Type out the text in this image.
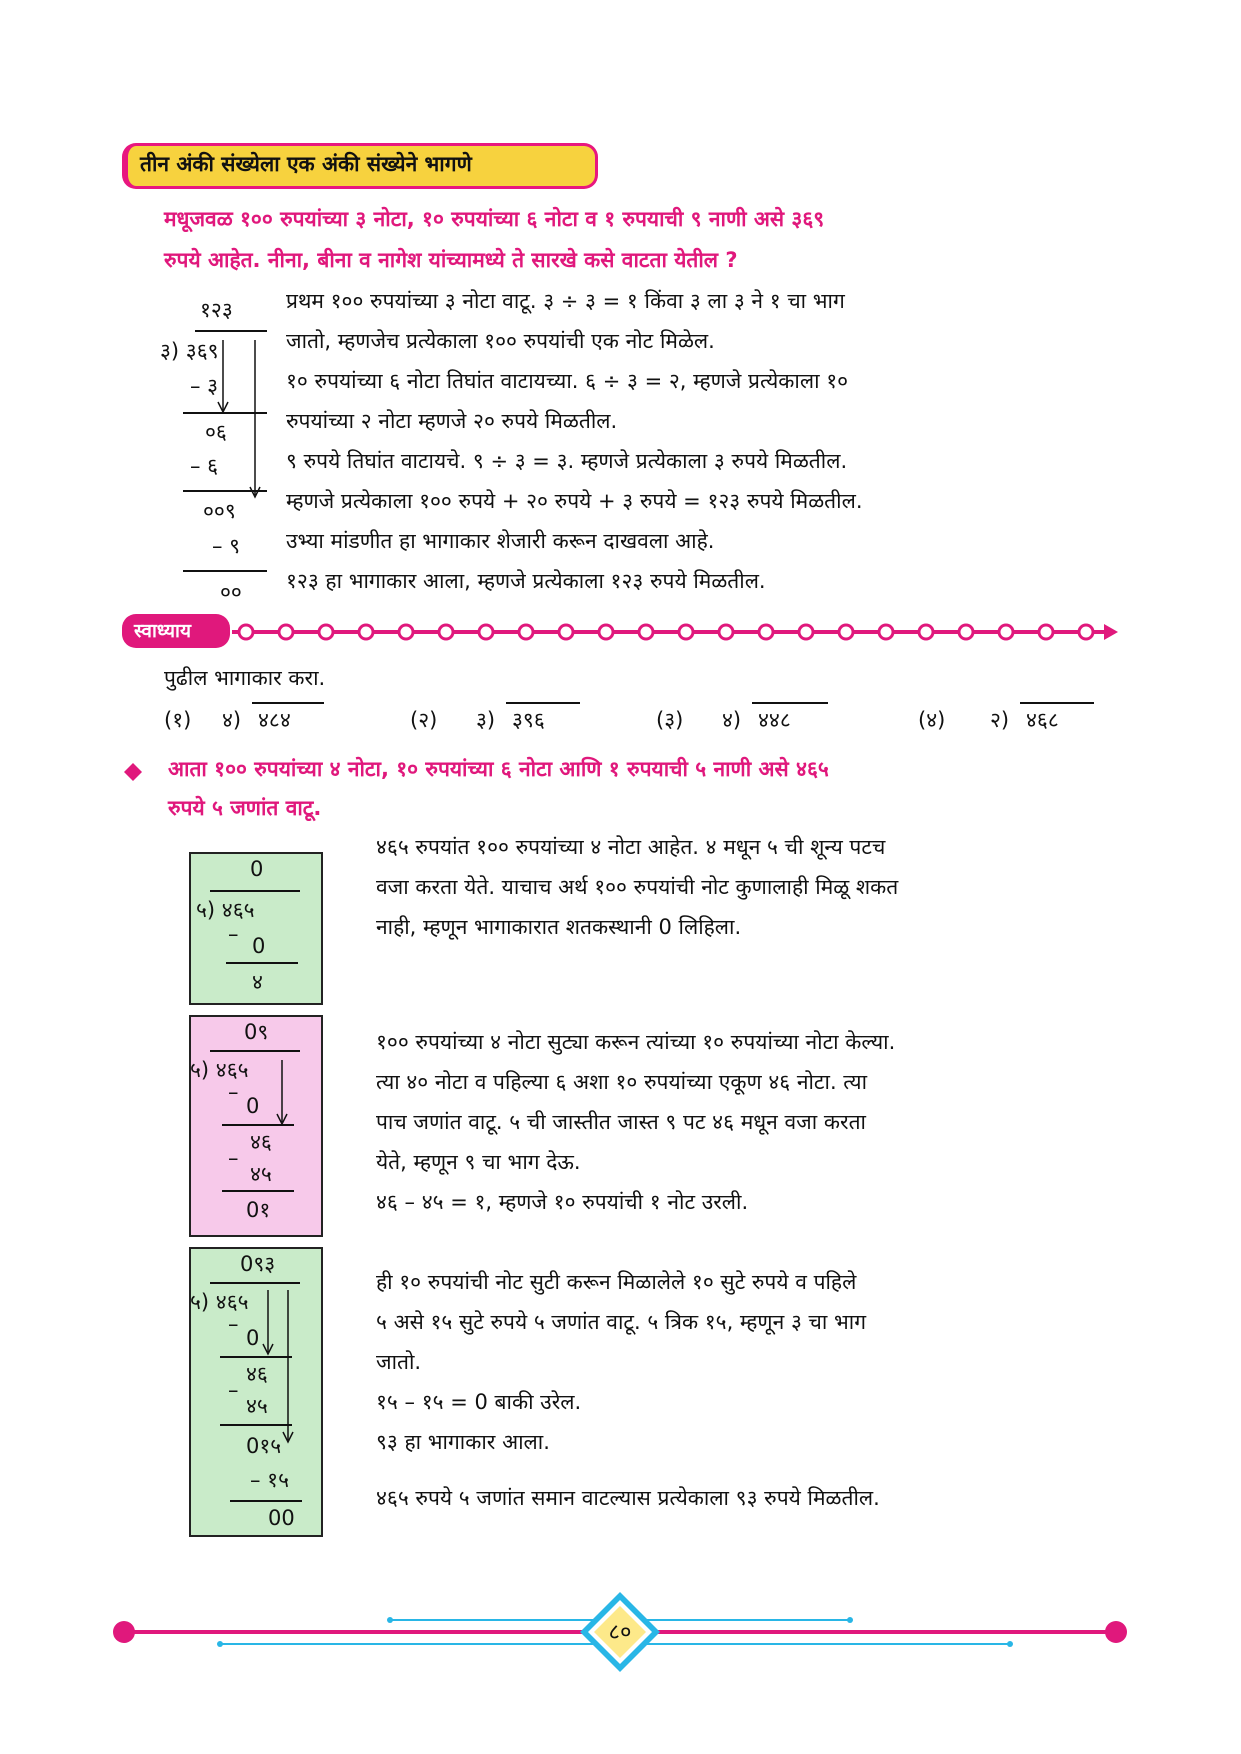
तीन अंकी संख्येला एक अंकी संख्येने भागणे
मधूजवळ १०० रुपयांच्या ३ नोटा, १० रुपयांच्या ६ नोटा व १ रुपयाची ९ नाणी असे ३६९
रुपये आहेत. नीना, बीना व नागेश यांच्यामध्ये ते सारखे कसे वाटता येतील ?
१२३
३) ३६९
– ३
०६
– ६
००९
– ९
००
प्रथम १०० रुपयांच्या ३ नोटा वाटू. ३ ÷ ३ = १ किंवा ३ ला ३ ने १ चा भाग
जातो, म्हणजेच प्रत्येकाला १०० रुपयांची एक नोट मिळेल.
१० रुपयांच्या ६ नोटा तिघांत वाटायच्या. ६ ÷ ३ = २, म्हणजे प्रत्येकाला १०
रुपयांच्या २ नोटा म्हणजे २० रुपये मिळतील.
९ रुपये तिघांत वाटायचे. ९ ÷ ३ = ३. म्हणजे प्रत्येकाला ३ रुपये मिळतील.
म्हणजे प्रत्येकाला १०० रुपये + २० रुपये + ३ रुपये = १२३ रुपये मिळतील.
उभ्या मांडणीत हा भागाकार शेजारी करून दाखवला आहे.
१२३ हा भागाकार आला, म्हणजे प्रत्येकाला १२३ रुपये मिळतील.
स्वाध्याय
पुढील भागाकार करा.
(१) ४) ४८४	(२) ३) ३९६	(३) ४) ४४८	(४) २) ४६८
आता १०० रुपयांच्या ४ नोटा, १० रुपयांच्या ६ नोटा आणि १ रुपयाची ५ नाणी असे ४६५
रुपये ५ जणांत वाटू.
0
५) ४६५
– 0
४
४६५ रुपयांत १०० रुपयांच्या ४ नोटा आहेत. ४ मधून ५ ची शून्य पटच
वजा करता येते. याचाच अर्थ १०० रुपयांची नोट कुणालाही मिळू शकत
नाही, म्हणून भागाकारात शतकस्थानी 0 लिहिला.
0९
५) ४६५
–
0
४६
–
४५
0१
१०० रुपयांच्या ४ नोटा सुट्या करून त्यांच्या १० रुपयांच्या नोटा केल्या.
त्या ४० नोटा व पहिल्या ६ अशा १० रुपयांच्या एकूण ४६ नोटा. त्या
पाच जणांत वाटू. ५ ची जास्तीत जास्त ९ पट ४६ मधून वजा करता
येते, म्हणून ९ चा भाग देऊ.
४६ – ४५ = १, म्हणजे १० रुपयांची १ नोट उरली.
0९३
५) ४६५
–
0
४६
–
४५
0१५
– १५
00
ही १० रुपयांची नोट सुटी करून मिळालेले १० सुटे रुपये व पहिले
५ असे १५ सुटे रुपये ५ जणांत वाटू. ५ त्रिक १५, म्हणून ३ चा भाग
जातो.
१५ – १५ = 0 बाकी उरेल.
९३ हा भागाकार आला.
४६५ रुपये ५ जणांत समान वाटल्यास प्रत्येकाला ९३ रुपये मिळतील.
८०
